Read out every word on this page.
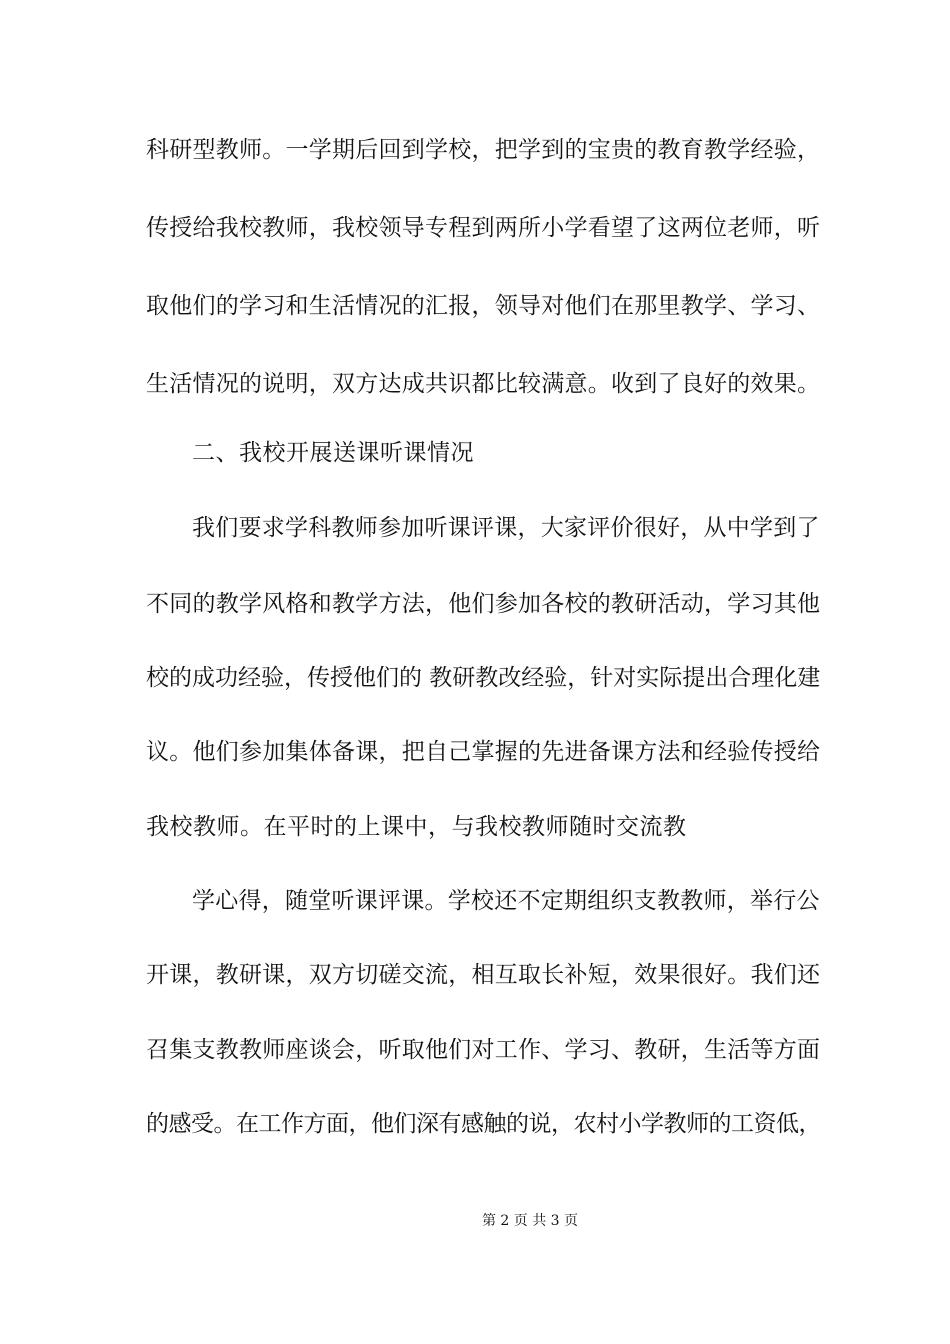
科研型教师。一学期后回到学校，把学到的宝贵的教育教学经验，
传授给我校教师，我校领导专程到两所小学看望了这两位老师，听
取他们的学习和生活情况的汇报，领导对他们在那里教学、学习、
生活情况的说明，双方达成共识都比较满意。收到了良好的效果。
二、我校开展送课听课情况
我们要求学科教师参加听课评课，大家评价很好，从中学到了
不同的教学风格和教学方法，他们参加各校的教研活动，学习其他
校的成功经验，传授他们的 教研教改经验，针对实际提出合理化建
议。他们参加集体备课，把自己掌握的先进备课方法和经验传授给
我校教师。在平时的上课中，与我校教师随时交流教
学心得，随堂听课评课。学校还不定期组织支教教师，举行公
开课，教研课，双方切磋交流，相互取长补短，效果很好。我们还
召集支教教师座谈会，听取他们对工作、学习、教研，生活等方面
的感受。在工作方面，他们深有感触的说，农村小学教师的工资低，
第 2 页 共 3 页
